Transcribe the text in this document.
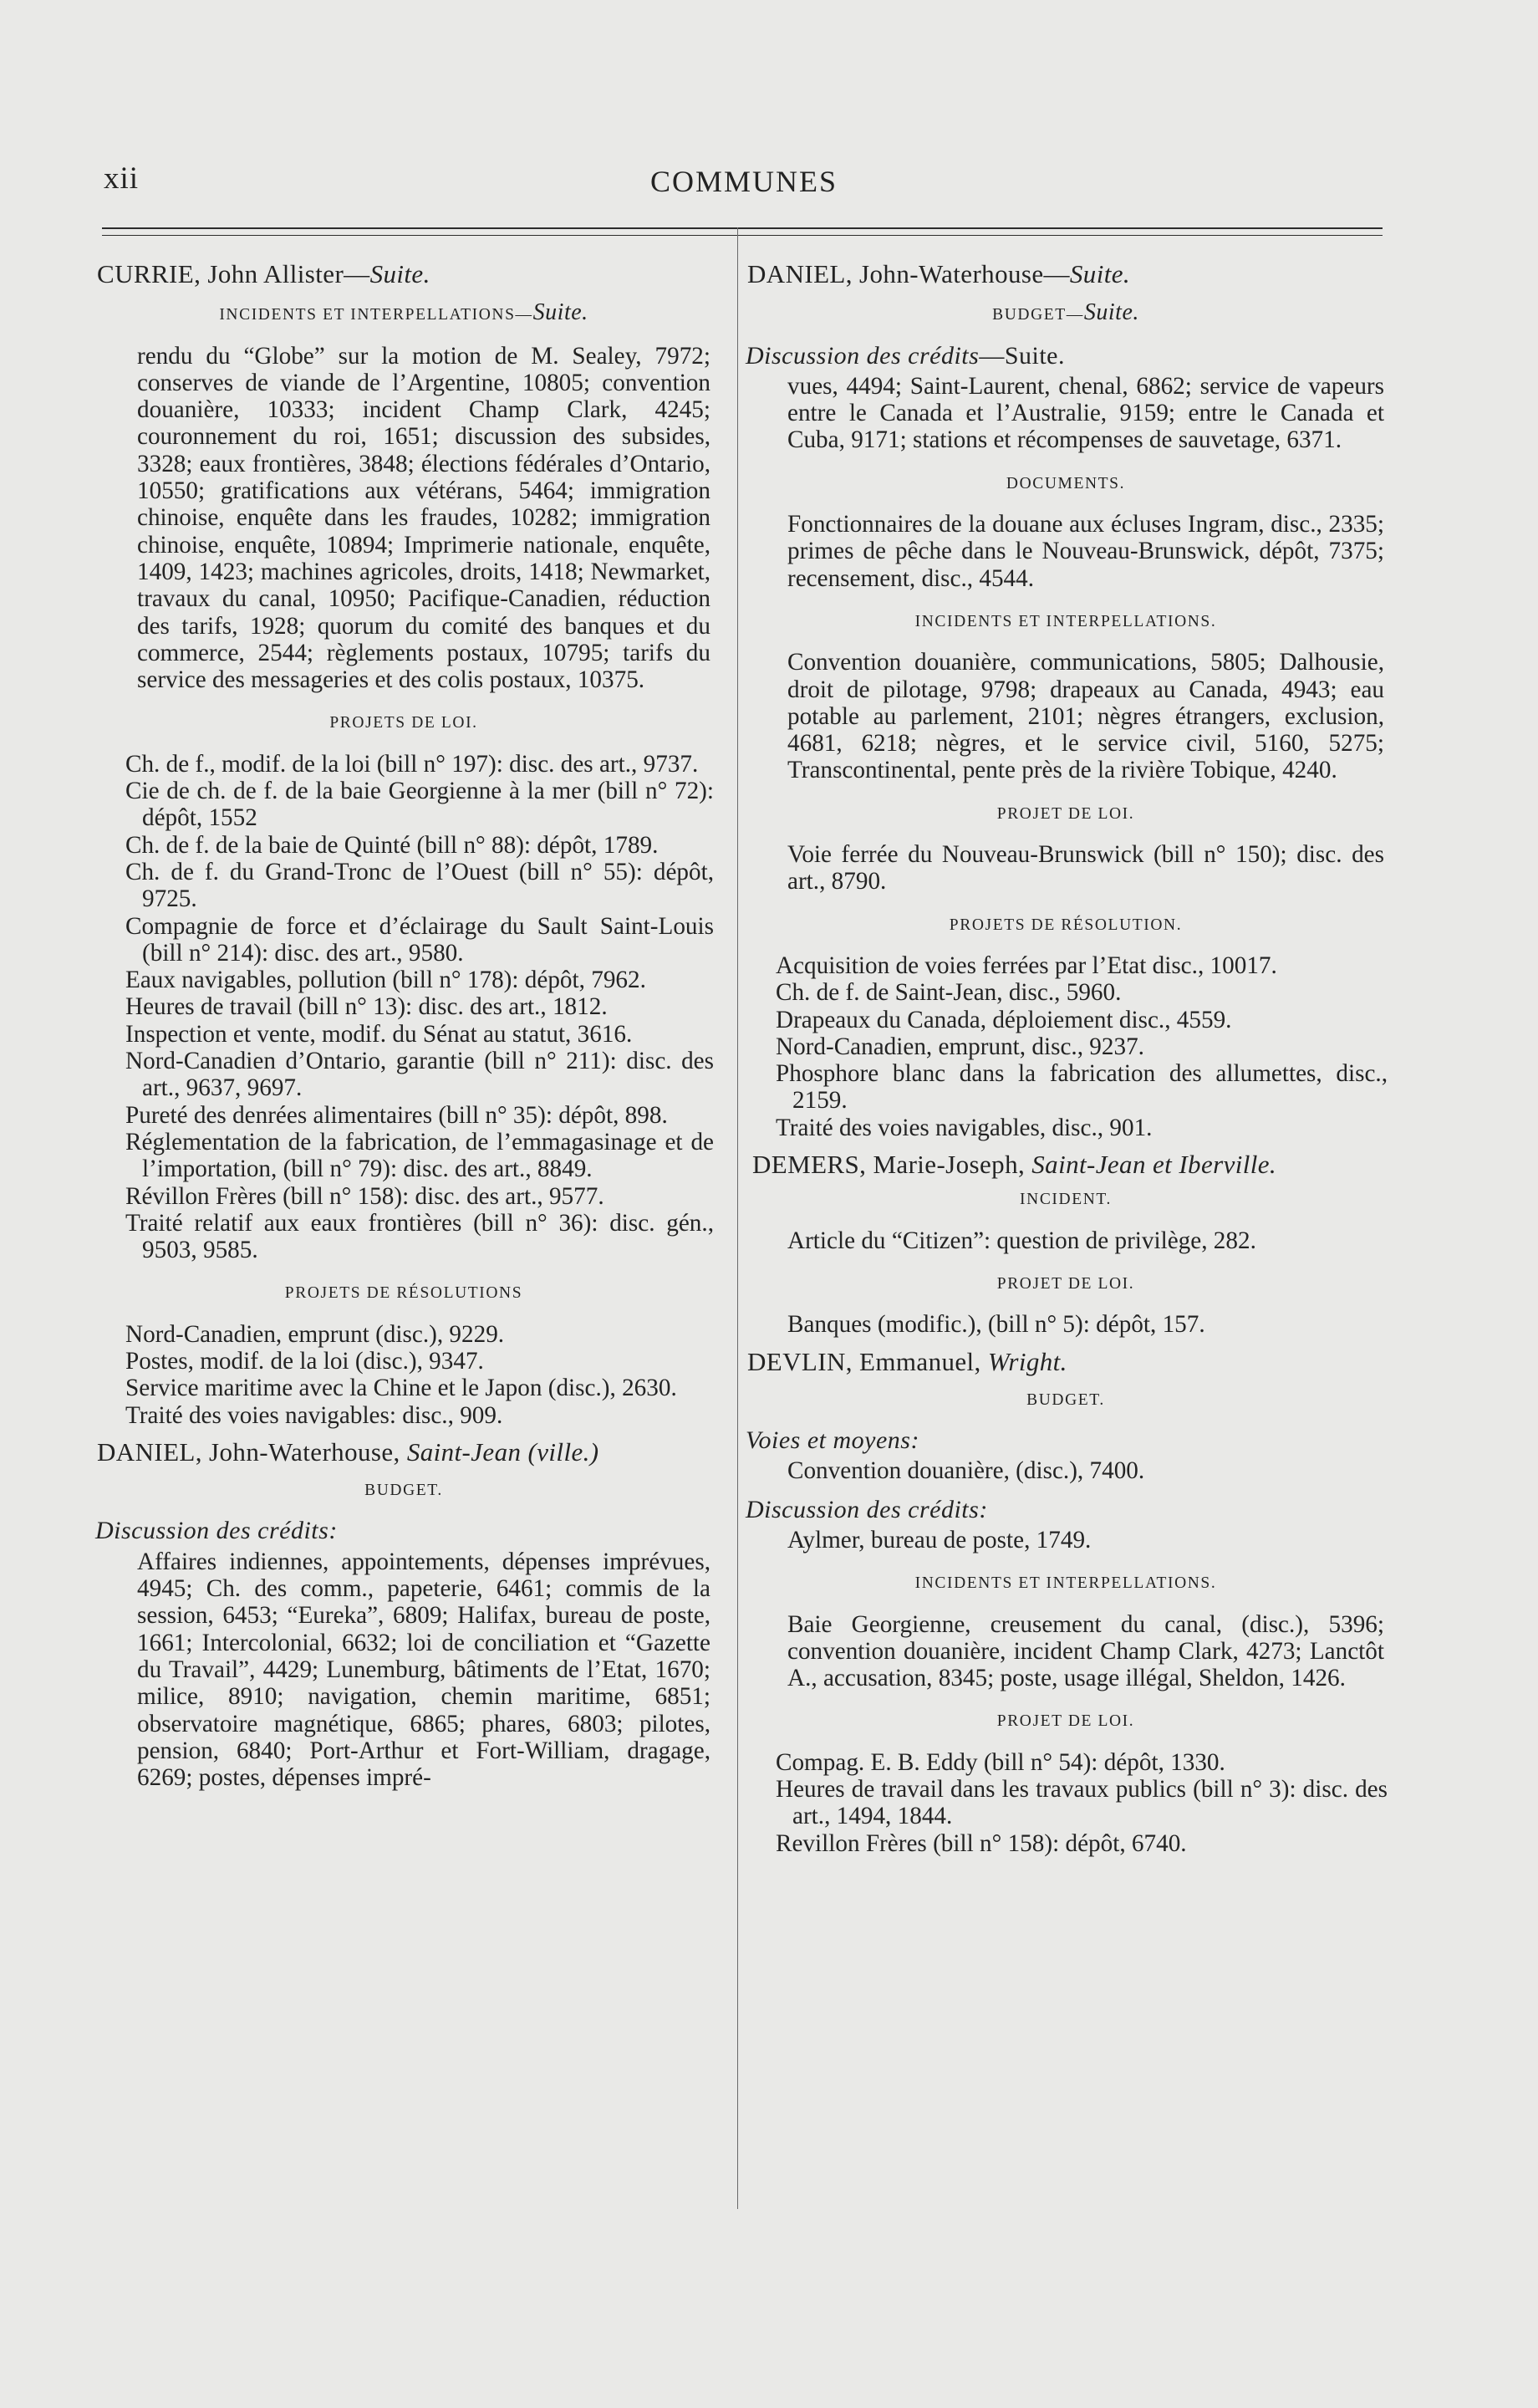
xii	COMMUNES
CURRIE, John Allister—Suite.
INCIDENTS ET INTERPELLATIONS—Suite.
rendu du “Globe” sur la motion de M. Sealey, 7972; conserves de viande de l’Argentine, 10805; convention douanière, 10333; incident Champ Clark, 4245; couronnement du roi, 1651; discussion des subsides, 3328; eaux frontières, 3848; élections fédérales d’Ontario, 10550; gratifications aux vétérans, 5464; immigration chinoise, enquête dans les fraudes, 10282; immigration chinoise, enquête, 10894; Imprimerie nationale, enquête, 1409, 1423; machines agricoles, droits, 1418; Newmarket, travaux du canal, 10950; Pacifique-Canadien, réduction des tarifs, 1928; quorum du comité des banques et du commerce, 2544; règlements postaux, 10795; tarifs du service des messageries et des colis postaux, 10375.
PROJETS DE LOI.
Ch. de f., modif. de la loi (bill n° 197): disc. des art., 9737.
Cie de ch. de f. de la baie Georgienne à la mer (bill n° 72): dépôt, 1552
Ch. de f. de la baie de Quinté (bill n° 88): dépôt, 1789.
Ch. de f. du Grand-Tronc de l’Ouest (bill n° 55): dépôt, 9725.
Compagnie de force et d’éclairage du Sault Saint-Louis (bill n° 214): disc. des art., 9580.
Eaux navigables, pollution (bill n° 178): dépôt, 7962.
Heures de travail (bill n° 13): disc. des art., 1812.
Inspection et vente, modif. du Sénat au statut, 3616.
Nord-Canadien d’Ontario, garantie (bill n° 211): disc. des art., 9637, 9697.
Pureté des denrées alimentaires (bill n° 35): dépôt, 898.
Réglementation de la fabrication, de l’emmagasinage et de l’importation, (bill n° 79): disc. des art., 8849.
Révillon Frères (bill n° 158): disc. des art., 9577.
Traité relatif aux eaux frontières (bill n° 36): disc. gén., 9503, 9585.
PROJETS DE RÉSOLUTIONS
Nord-Canadien, emprunt (disc.), 9229.
Postes, modif. de la loi (disc.), 9347.
Service maritime avec la Chine et le Japon (disc.), 2630.
Traité des voies navigables: disc., 909.
DANIEL, John-Waterhouse, Saint-Jean (ville.)
BUDGET.
Discussion des crédits:
Affaires indiennes, appointements, dépenses imprévues, 4945; Ch. des comm., papeterie, 6461; commis de la session, 6453; “Eureka”, 6809; Halifax, bureau de poste, 1661; Intercolonial, 6632; loi de conciliation et “Gazette du Travail”, 4429; Lunemburg, bâtiments de l’Etat, 1670; milice, 8910; navigation, chemin maritime, 6851; observatoire magnétique, 6865; phares, 6803; pilotes, pension, 6840; Port-Arthur et Fort-William, dragage, 6269; postes, dépenses impré-
DANIEL, John-Waterhouse—Suite.
BUDGET—Suite.
Discussion des crédits—Suite.
vues, 4494; Saint-Laurent, chenal, 6862; service de vapeurs entre le Canada et l’Australie, 9159; entre le Canada et Cuba, 9171; stations et récompenses de sauvetage, 6371.
DOCUMENTS.
Fonctionnaires de la douane aux écluses Ingram, disc., 2335; primes de pêche dans le Nouveau-Brunswick, dépôt, 7375; recensement, disc., 4544.
INCIDENTS ET INTERPELLATIONS.
Convention douanière, communications, 5805; Dalhousie, droit de pilotage, 9798; drapeaux au Canada, 4943; eau potable au parlement, 2101; nègres étrangers, exclusion, 4681, 6218; nègres, et le service civil, 5160, 5275; Transcontinental, pente près de la rivière Tobique, 4240.
PROJET DE LOI.
Voie ferrée du Nouveau-Brunswick (bill n° 150); disc. des art., 8790.
PROJETS DE RÉSOLUTION.
Acquisition de voies ferrées par l’Etat disc., 10017.
Ch. de f. de Saint-Jean, disc., 5960.
Drapeaux du Canada, déploiement disc., 4559.
Nord-Canadien, emprunt, disc., 9237.
Phosphore blanc dans la fabrication des allumettes, disc., 2159.
Traité des voies navigables, disc., 901.
DEMERS, Marie-Joseph, Saint-Jean et Iberville.
INCIDENT.
Article du “Citizen”: question de privilège, 282.
PROJET DE LOI.
Banques (modific.), (bill n° 5): dépôt, 157.
DEVLIN, Emmanuel, Wright.
BUDGET.
Voies et moyens:
Convention douanière, (disc.), 7400.
Discussion des crédits:
Aylmer, bureau de poste, 1749.
INCIDENTS ET INTERPELLATIONS.
Baie Georgienne, creusement du canal, (disc.), 5396; convention douanière, incident Champ Clark, 4273; Lanctôt A., accusation, 8345; poste, usage illégal, Sheldon, 1426.
PROJET DE LOI.
Compag. E. B. Eddy (bill n° 54): dépôt, 1330.
Heures de travail dans les travaux publics (bill n° 3): disc. des art., 1494, 1844.
Revillon Frères (bill n° 158): dépôt, 6740.
